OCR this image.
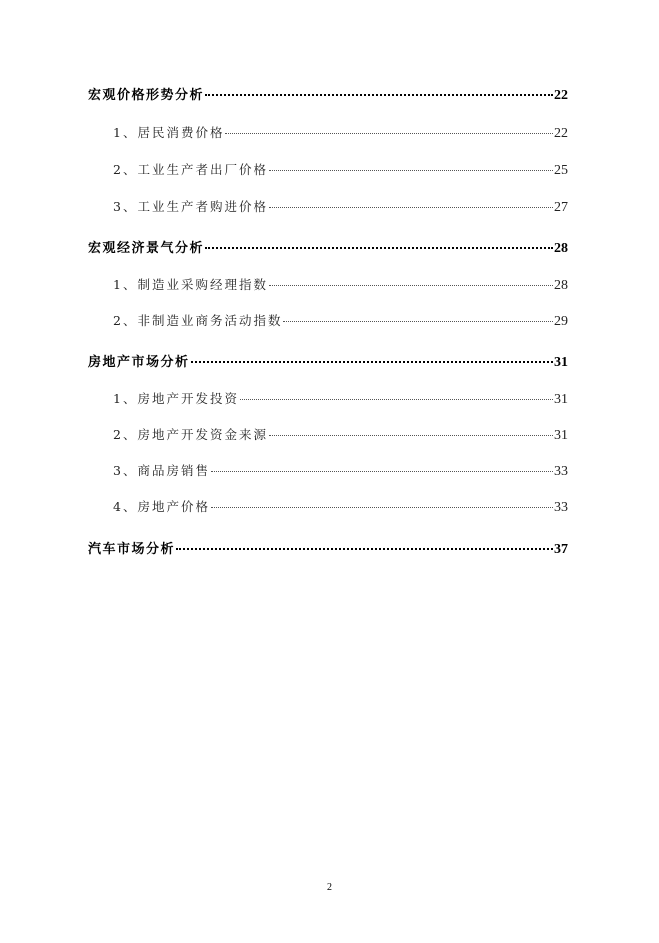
宏观价格形势分析	22
1、居民消费价格	22
2、工业生产者出厂价格	25
3、工业生产者购进价格	27
宏观经济景气分析	28
1、制造业采购经理指数	28
2、非制造业商务活动指数	29
房地产市场分析	31
1、房地产开发投资	31
2、房地产开发资金来源	31
3、商品房销售	33
4、房地产价格	33
汽车市场分析	37
2
